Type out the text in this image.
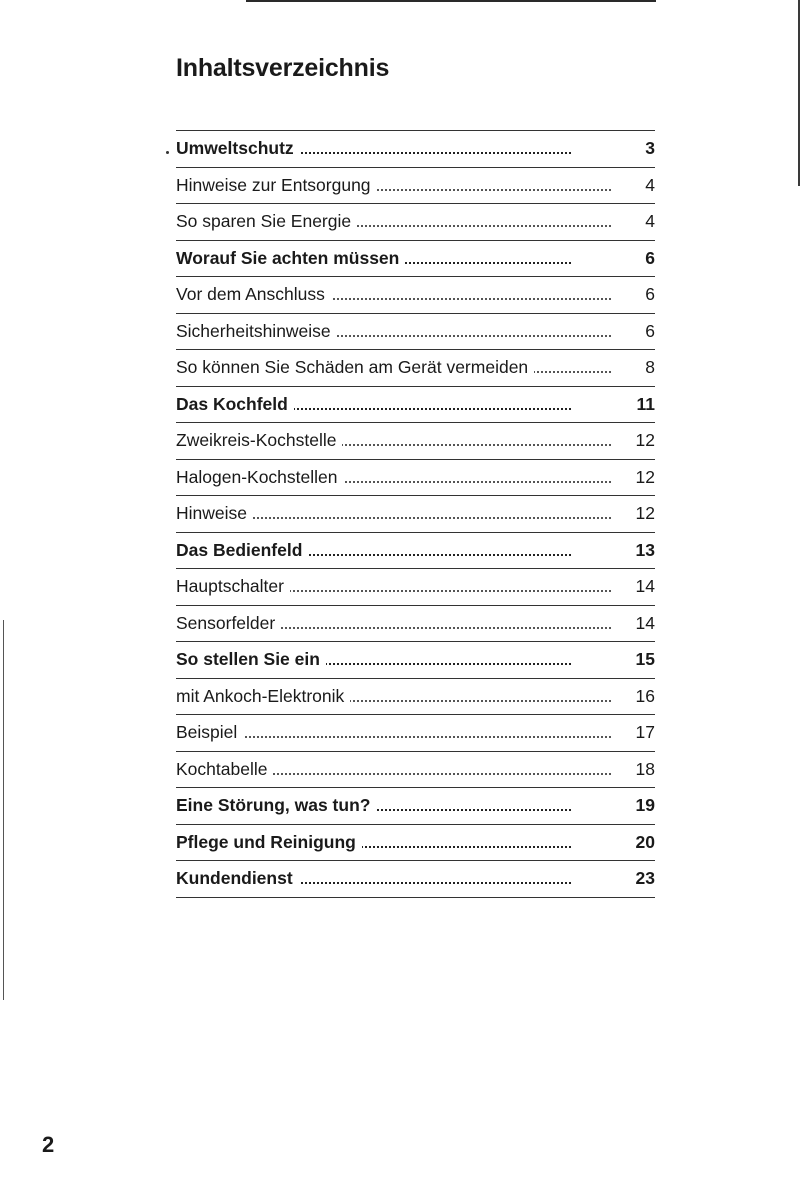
Inhaltsverzeichnis
Umweltschutz	3
Hinweise zur Entsorgung	4
So sparen Sie Energie	4
Worauf Sie achten müssen	6
Vor dem Anschluss	6
Sicherheitshinweise	6
So können Sie Schäden am Gerät vermeiden	8
Das Kochfeld	11
Zweikreis-Kochstelle	12
Halogen-Kochstellen	12
Hinweise	12
Das Bedienfeld	13
Hauptschalter	14
Sensorfelder	14
So stellen Sie ein	15
mit Ankoch-Elektronik	16
Beispiel	17
Kochtabelle	18
Eine Störung, was tun?	19
Pflege und Reinigung	20
Kundendienst	23
2
